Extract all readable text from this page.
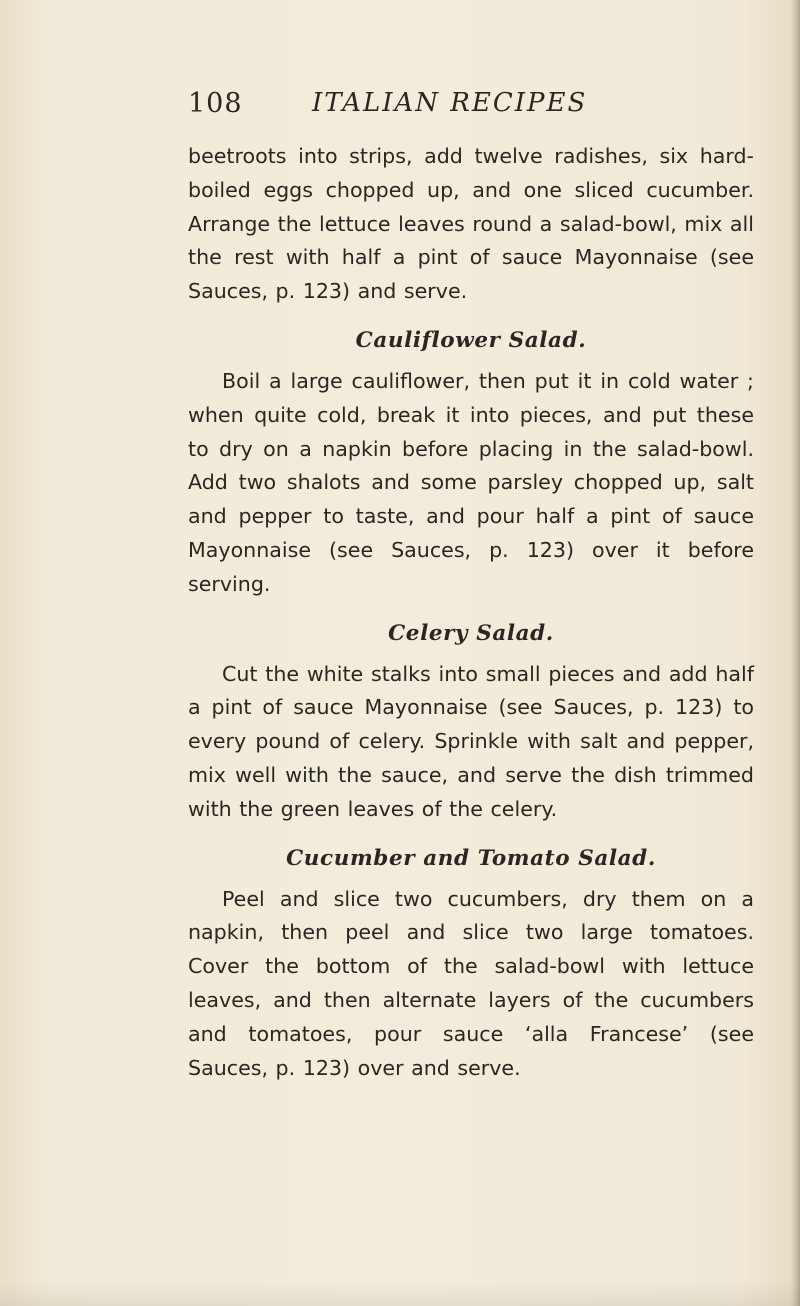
108	ITALIAN RECIPES

beetroots into strips, add twelve radishes, six hard-boiled eggs chopped up, and one sliced cucumber. Arrange the lettuce leaves round a salad-bowl, mix all the rest with half a pint of sauce Mayonnaise (see Sauces, p. 123) and serve.

Cauliflower Salad.

Boil a large cauliflower, then put it in cold water ; when quite cold, break it into pieces, and put these to dry on a napkin before placing in the salad-bowl. Add two shalots and some parsley chopped up, salt and pepper to taste, and pour half a pint of sauce Mayonnaise (see Sauces, p. 123) over it before serving.

Celery Salad.

Cut the white stalks into small pieces and add half a pint of sauce Mayonnaise (see Sauces, p. 123) to every pound of celery. Sprinkle with salt and pepper, mix well with the sauce, and serve the dish trimmed with the green leaves of the celery.

Cucumber and Tomato Salad.

Peel and slice two cucumbers, dry them on a napkin, then peel and slice two large tomatoes. Cover the bottom of the salad-bowl with lettuce leaves, and then alternate layers of the cucumbers and tomatoes, pour sauce ‘alla Francese’ (see Sauces, p. 123) over and serve.
